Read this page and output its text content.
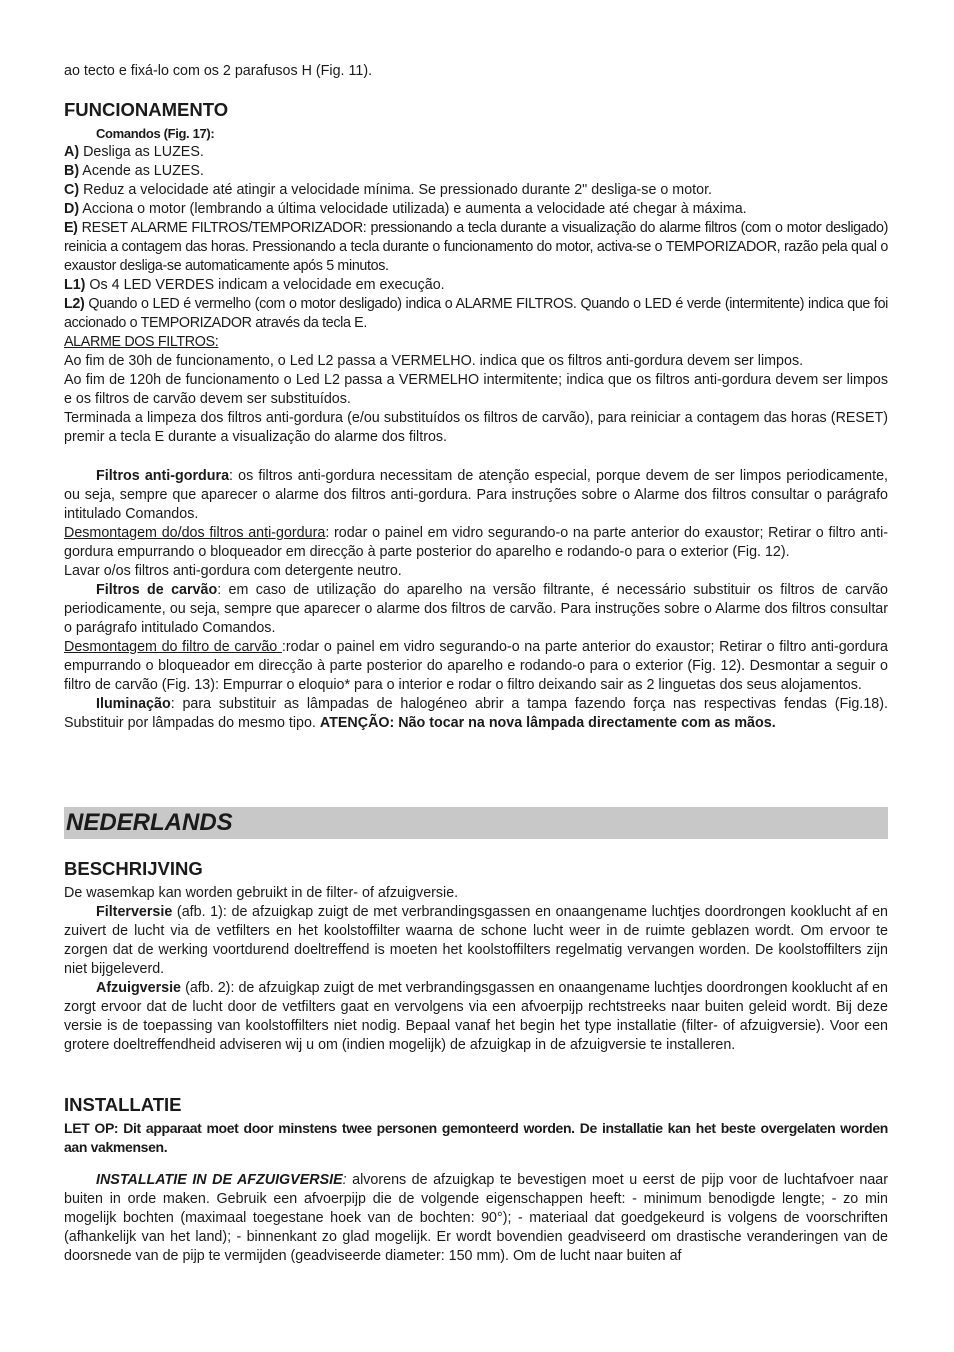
ao tecto e fixá-lo com os 2 parafusos H (Fig. 11).

FUNCIONAMENTO

Comandos (Fig. 17):

A) Desliga as LUZES.

B) Acende as LUZES.

C) Reduz a velocidade até atingir a velocidade mínima. Se pressionado durante 2" desliga-se o motor.

D) Acciona o motor (lembrando a última velocidade utilizada) e aumenta a velocidade até chegar à máxima.

E) RESET ALARME FILTROS/TEMPORIZADOR: pressionando a tecla durante a visualização do alarme filtros (com o motor desligado) reinicia a contagem das horas. Pressionando a tecla durante o funcionamento do motor, activa-se o TEMPORIZADOR, razão pela qual o exaustor desliga-se automaticamente após 5 minutos.

L1) Os 4 LED VERDES indicam a velocidade em execução.

L2) Quando o LED é vermelho (com o motor desligado) indica o ALARME FILTROS. Quando o LED é verde (intermitente) indica que foi accionado o TEMPORIZADOR através da tecla E.

ALARME DOS FILTROS:

Ao fim de 30h de funcionamento, o Led L2 passa a VERMELHO. indica que os filtros anti-gordura devem ser limpos.

Ao fim de 120h de funcionamento o Led L2 passa a VERMELHO intermitente; indica que os filtros anti-gordura devem ser limpos e os filtros de carvão devem ser substituídos.

Terminada a limpeza dos filtros anti-gordura (e/ou substituídos os filtros de carvão), para reiniciar a contagem das horas (RESET) premir a tecla E durante a visualização do alarme dos filtros.

Filtros anti-gordura: os filtros anti-gordura necessitam de atenção especial, porque devem de ser limpos periodicamente, ou seja, sempre que aparecer o alarme dos filtros anti-gordura. Para instruções sobre o Alarme dos filtros consultar o parágrafo intitulado Comandos.

Desmontagem do/dos filtros anti-gordura: rodar o painel em vidro segurando-o na parte anterior do exaustor; Retirar o filtro anti-gordura empurrando o bloqueador em direcção à parte posterior do aparelho e rodando-o para o exterior (Fig. 12).

Lavar o/os filtros anti-gordura com detergente neutro.

Filtros de carvão: em caso de utilização do aparelho na versão filtrante, é necessário substituir os filtros de carvão periodicamente, ou seja, sempre que aparecer o alarme dos filtros de carvão. Para instruções sobre o Alarme dos filtros consultar o parágrafo intitulado Comandos.

Desmontagem do filtro de carvão :rodar o painel em vidro segurando-o na parte anterior do exaustor; Retirar o filtro anti-gordura empurrando o bloqueador em direcção à parte posterior do aparelho e rodando-o para o exterior (Fig. 12). Desmontar a seguir o filtro de carvão (Fig. 13): Empurrar o eloquio* para o interior e rodar o filtro deixando sair as 2 linguetas dos seus alojamentos.

Iluminação: para substituir as lâmpadas de halogéneo abrir a tampa fazendo força nas respectivas fendas (Fig.18). Substituir por lâmpadas do mesmo tipo. ATENÇÃO: Não tocar na nova lâmpada directamente com as mãos.

NEDERLANDS
BESCHRIJVING

De wasemkap kan worden gebruikt in de filter- of afzuigversie.

Filterversie (afb. 1): de afzuigkap zuigt de met verbrandingsgassen en onaangename luchtjes doordrongen kooklucht af en zuivert de lucht via de vetfilters en het koolstoffilter waarna de schone lucht weer in de ruimte geblazen wordt. Om ervoor te zorgen dat de werking voortdurend doeltreffend is moeten het koolstoffilters regelmatig vervangen worden. De koolstoffilters zijn niet bijgeleverd.

Afzuigversie (afb. 2): de afzuigkap zuigt de met verbrandingsgassen en onaangename luchtjes doordrongen kooklucht af en zorgt ervoor dat de lucht door de vetfilters gaat en vervolgens via een afvoerpijp rechtstreeks naar buiten geleid wordt. Bij deze versie is de toepassing van koolstoffilters niet nodig. Bepaal vanaf het begin het type installatie (filter- of afzuigversie). Voor een grotere doeltreffendheid adviseren wij u om (indien mogelijk) de afzuigkap in de afzuigversie te installeren.

INSTALLATIE

LET OP: Dit apparaat moet door minstens twee personen gemonteerd worden. De installatie kan het beste overgelaten worden aan vakmensen.

INSTALLATIE IN DE AFZUIGVERSIE: alvorens de afzuigkap te bevestigen moet u eerst de pijp voor de luchtafvoer naar buiten in orde maken. Gebruik een afvoerpijp die de volgende eigenschappen heeft: - minimum benodigde lengte; - zo min mogelijk bochten (maximaal toegestane hoek van de bochten: 90°); - materiaal dat goedgekeurd is volgens de voorschriften (afhankelijk van het land); - binnenkant zo glad mogelijk. Er wordt bovendien geadviseerd om drastische veranderingen van de doorsnede van de pijp te vermijden (geadviseerde diameter: 150 mm). Om de lucht naar buiten af
